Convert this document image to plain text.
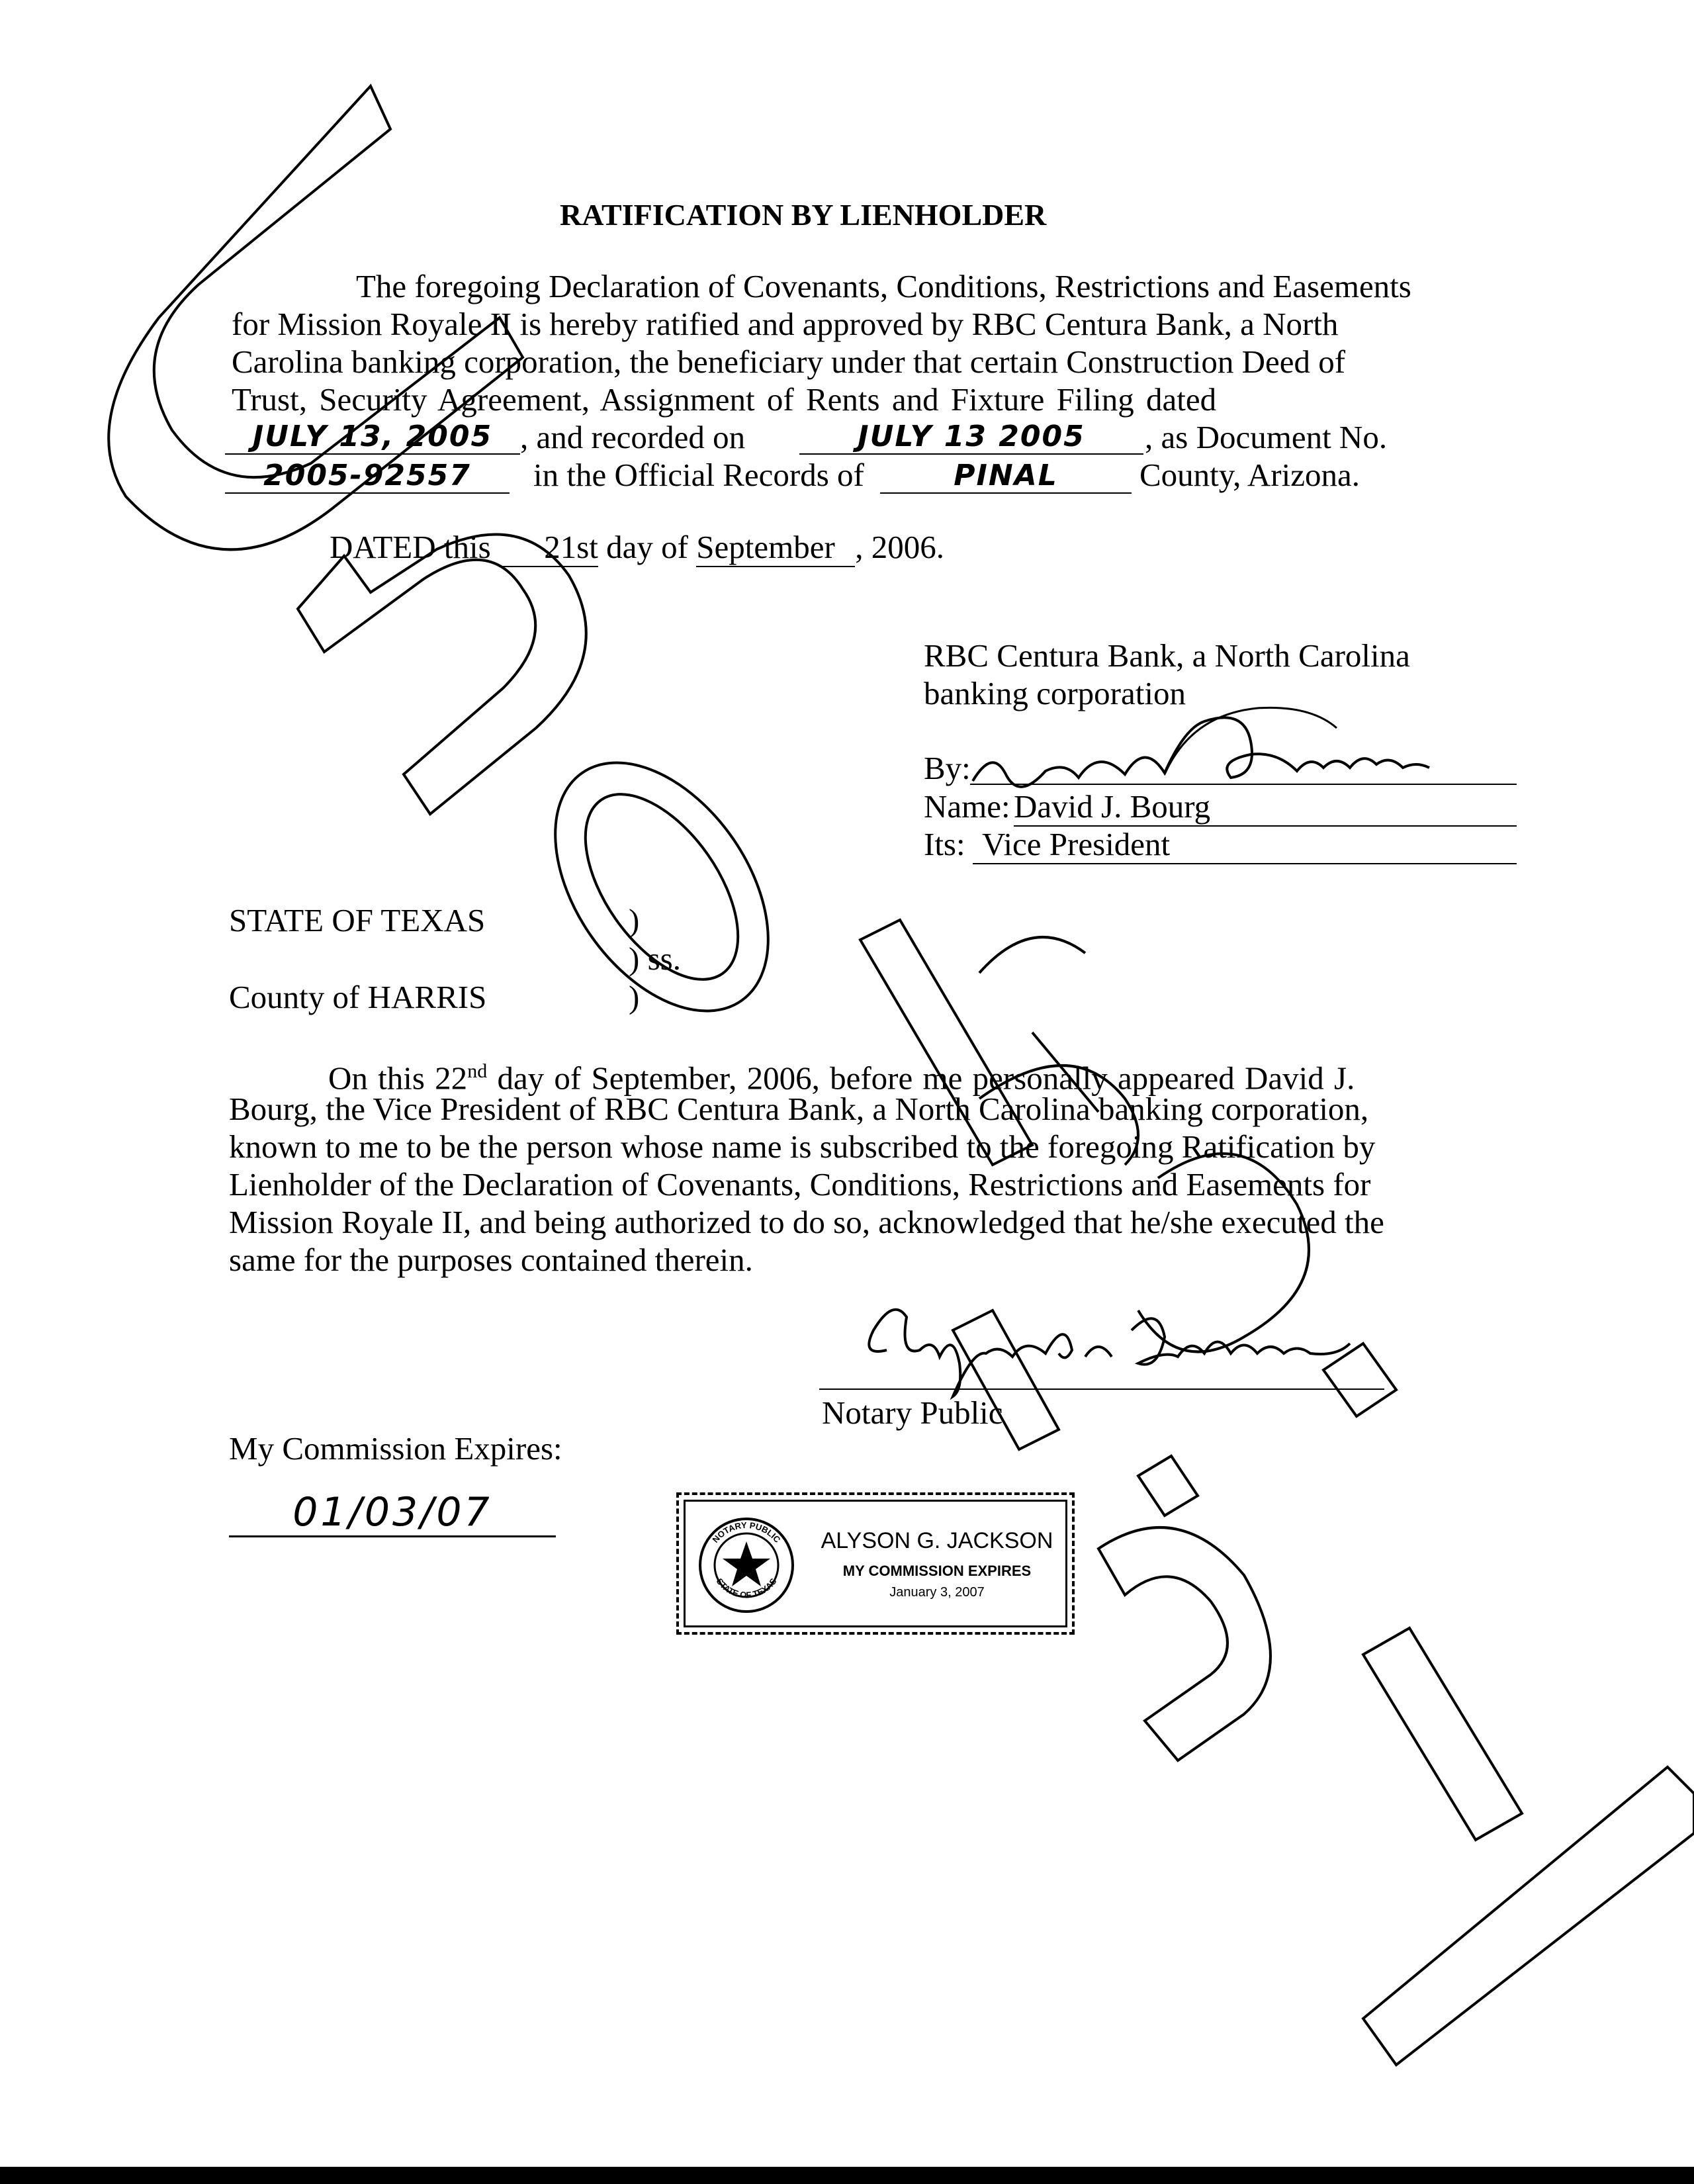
RATIFICATION BY LIENHOLDER
The foregoing Declaration of Covenants, Conditions, Restrictions and Easements
for Mission Royale II is hereby ratified and approved by RBC Centura Bank, a North
Carolina banking corporation, the beneficiary under that certain Construction Deed of
Trust, Security Agreement, Assignment of Rents and Fixture Filing dated
JULY 13, 2005 , and recorded on	JULY 13 2005	, as Document No.
2005-92557	in the Official Records of	PINAL	County, Arizona.
DATED this 21st day of September , 2006.
RBC Centura Bank, a North Carolina
banking corporation
By:
Name: David J. Bourg
Its: Vice President
STATE OF TEXAS	)
) ss.
County of HARRIS	)
On this 22nd day of September, 2006, before me personally appeared David J.
Bourg, the Vice President of RBC Centura Bank, a North Carolina banking corporation,
known to me to be the person whose name is subscribed to the foregoing Ratification by
Lienholder of the Declaration of Covenants, Conditions, Restrictions and Easements for
Mission Royale II, and being authorized to do so, acknowledged that he/she executed the
same for the purposes contained therein.
Notary Public
My Commission Expires:
01/03/07
NOTARY PUBLIC
STATE OF TEXAS
ALYSON G. JACKSON
MY COMMISSION EXPIRES
January 3, 2007
